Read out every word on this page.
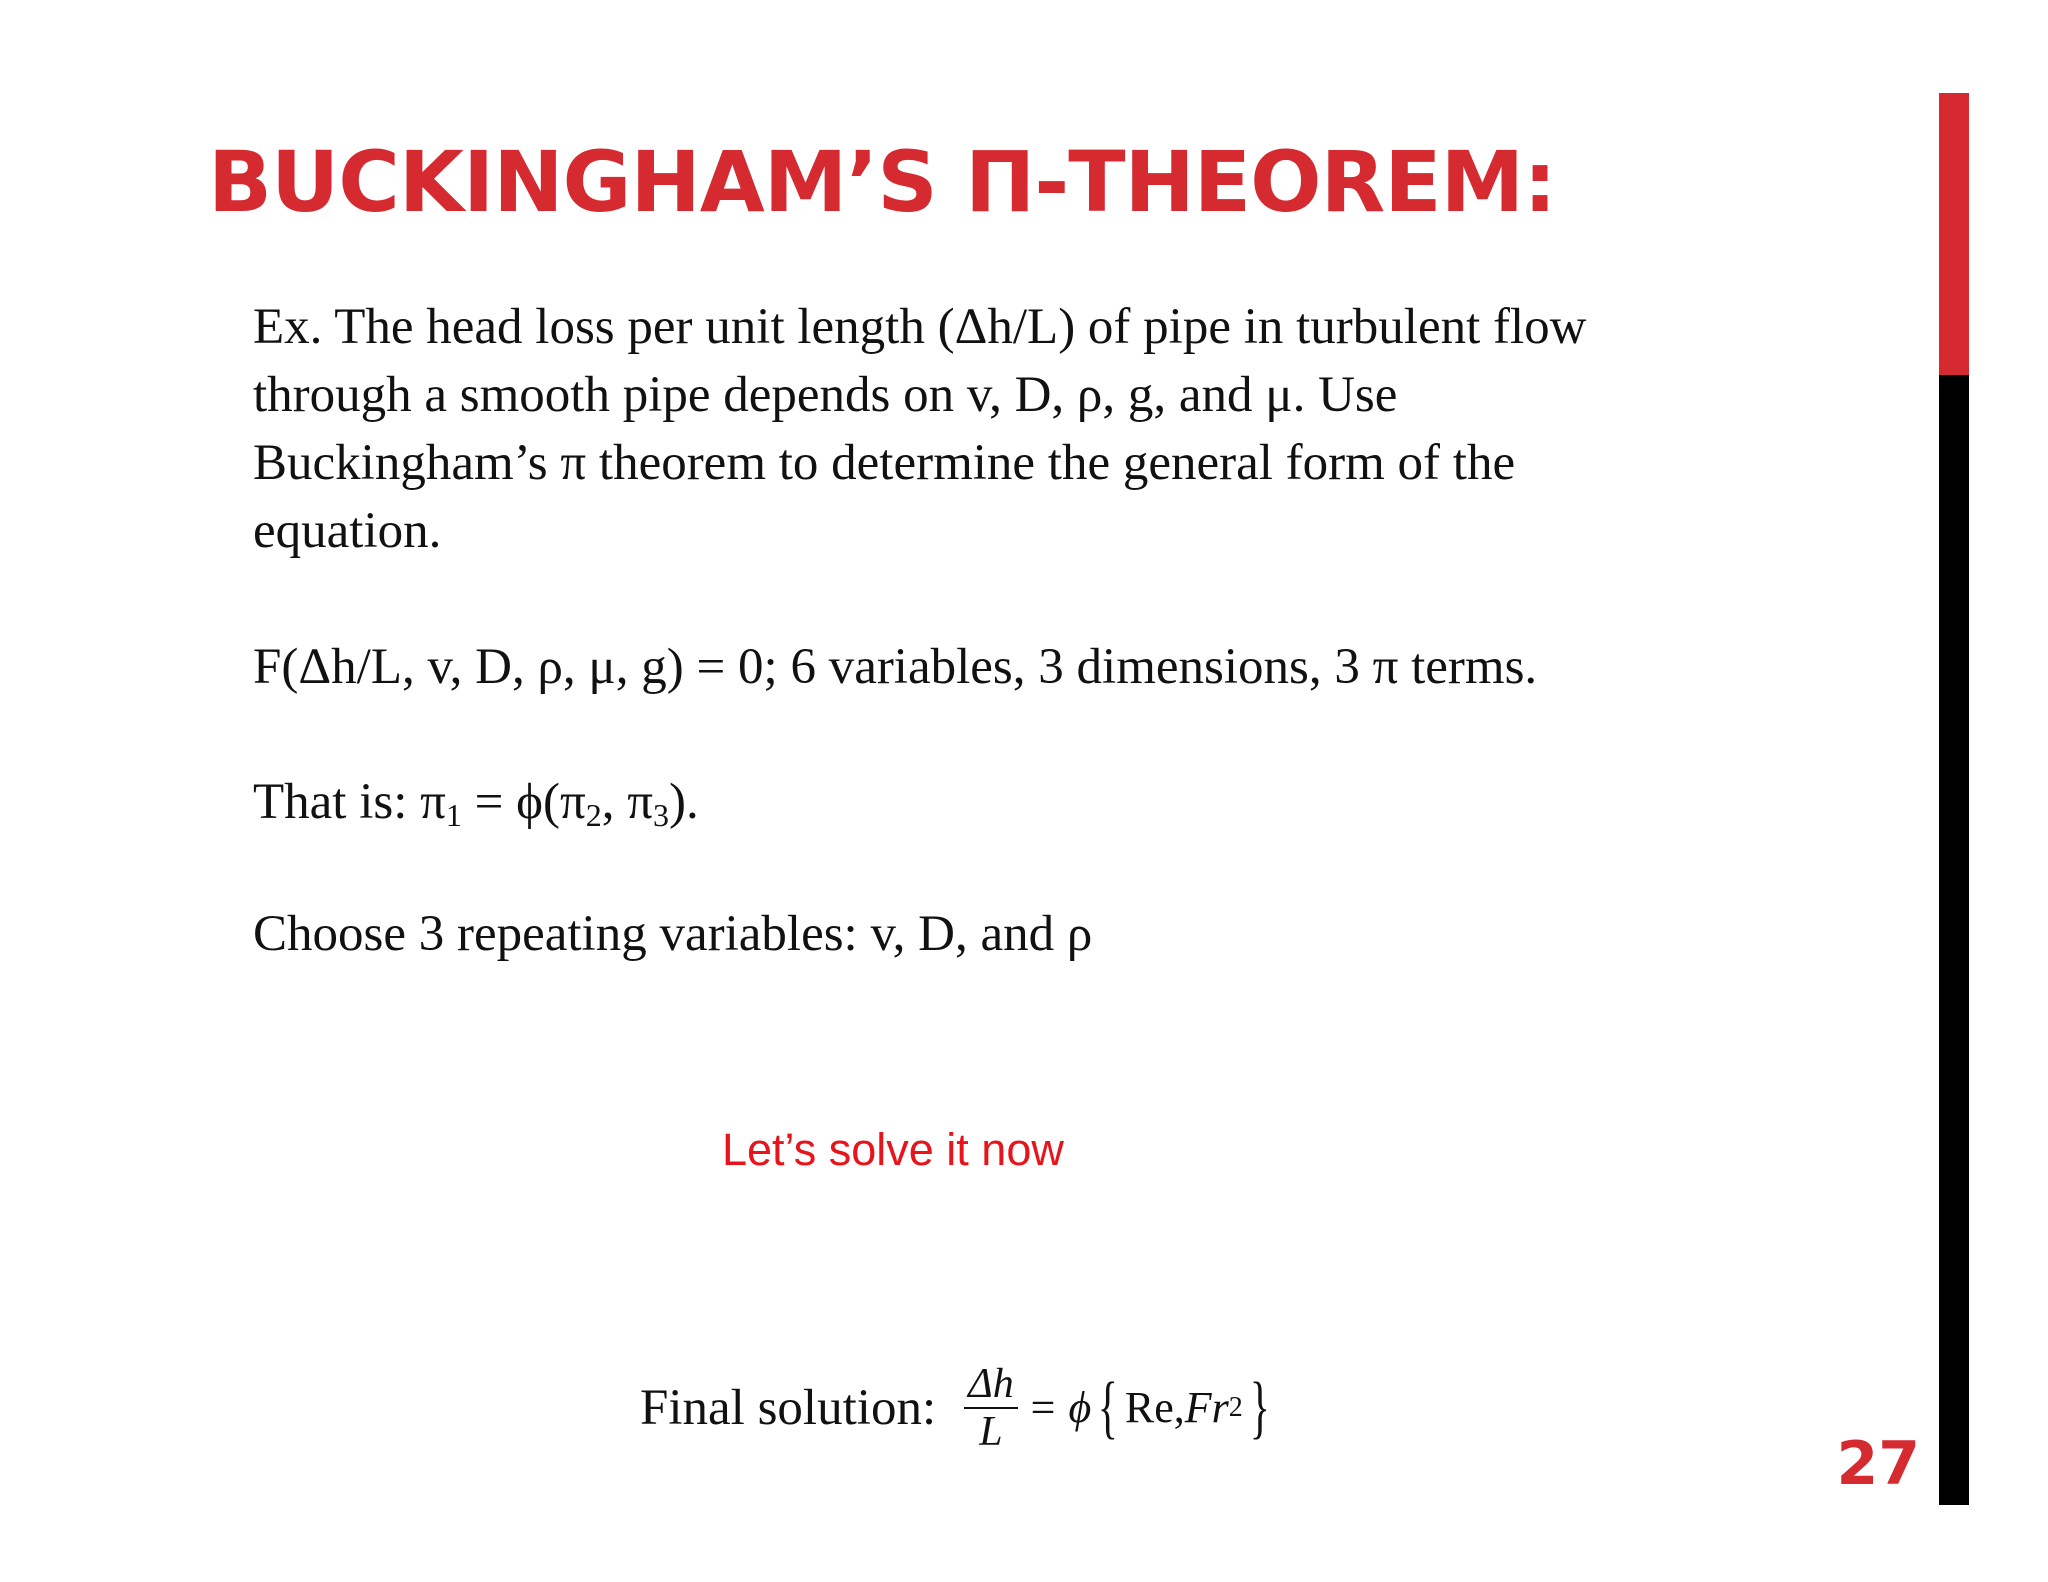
BUCKINGHAM’S Π-THEOREM:
27

Ex. The head loss per unit length (Δh/L) of pipe in turbulent flow
through a smooth pipe depends on v, D, ρ, g, and μ. Use
Buckingham’s π theorem to determine the general form of the
equation.

F(Δh/L, v, D, ρ, μ, g) = 0; 6 variables, 3 dimensions, 3 π terms.

That is: $\pi_1 = \phi(\pi_2$, $\pi_3$).

Choose 3 repeating variables: v, D, and ρ

Let’s solve it now

Final solution: $\frac{\Delta h}{L} = \phi$ { Re, Fr 2 }
